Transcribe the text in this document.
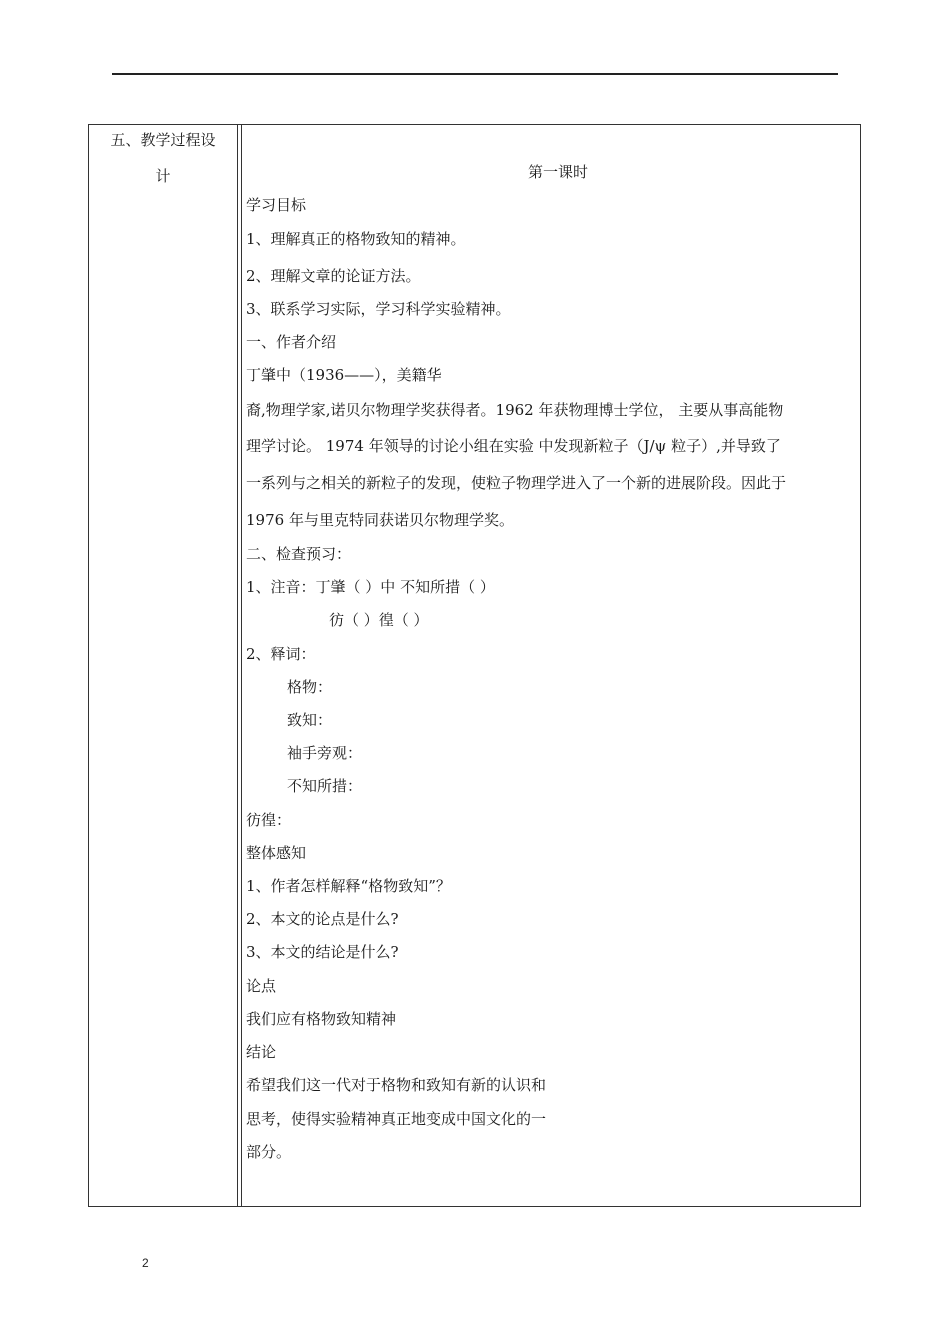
五、教学过程设
计	第一课时
学习目标
1、理解真正的格物致知的精神。
2、理解文章的论证方法。
3、联系学习实际，学习科学实验精神。
一、作者介绍
丁肇中（1936——），美籍华
裔,物理学家,诺贝尔物理学奖获得者。1962 年获物理博士学位， 主要从事高能物
理学讨论。 1974 年领导的讨论小组在实验 中发现新粒子（J/ψ 粒子）,并导致了
一系列与之相关的新粒子的发现，使粒子物理学进入了一个新的进展阶段。因此于
1976 年与里克特同获诺贝尔物理学奖。
二、检查预习：
1、注音：丁肇（ ）中 不知所措（ ）
彷（ ）徨（ ）
2、释词：
格物：
致知：
袖手旁观：
不知所措：
彷徨：
整体感知
1、作者怎样解释“格物致知”？
2、本文的论点是什么?
3、本文的结论是什么?
论点
我们应有格物致知精神
结论
希望我们这一代对于格物和致知有新的认识和
思考，使得实验精神真正地变成中国文化的一
部分。
2
